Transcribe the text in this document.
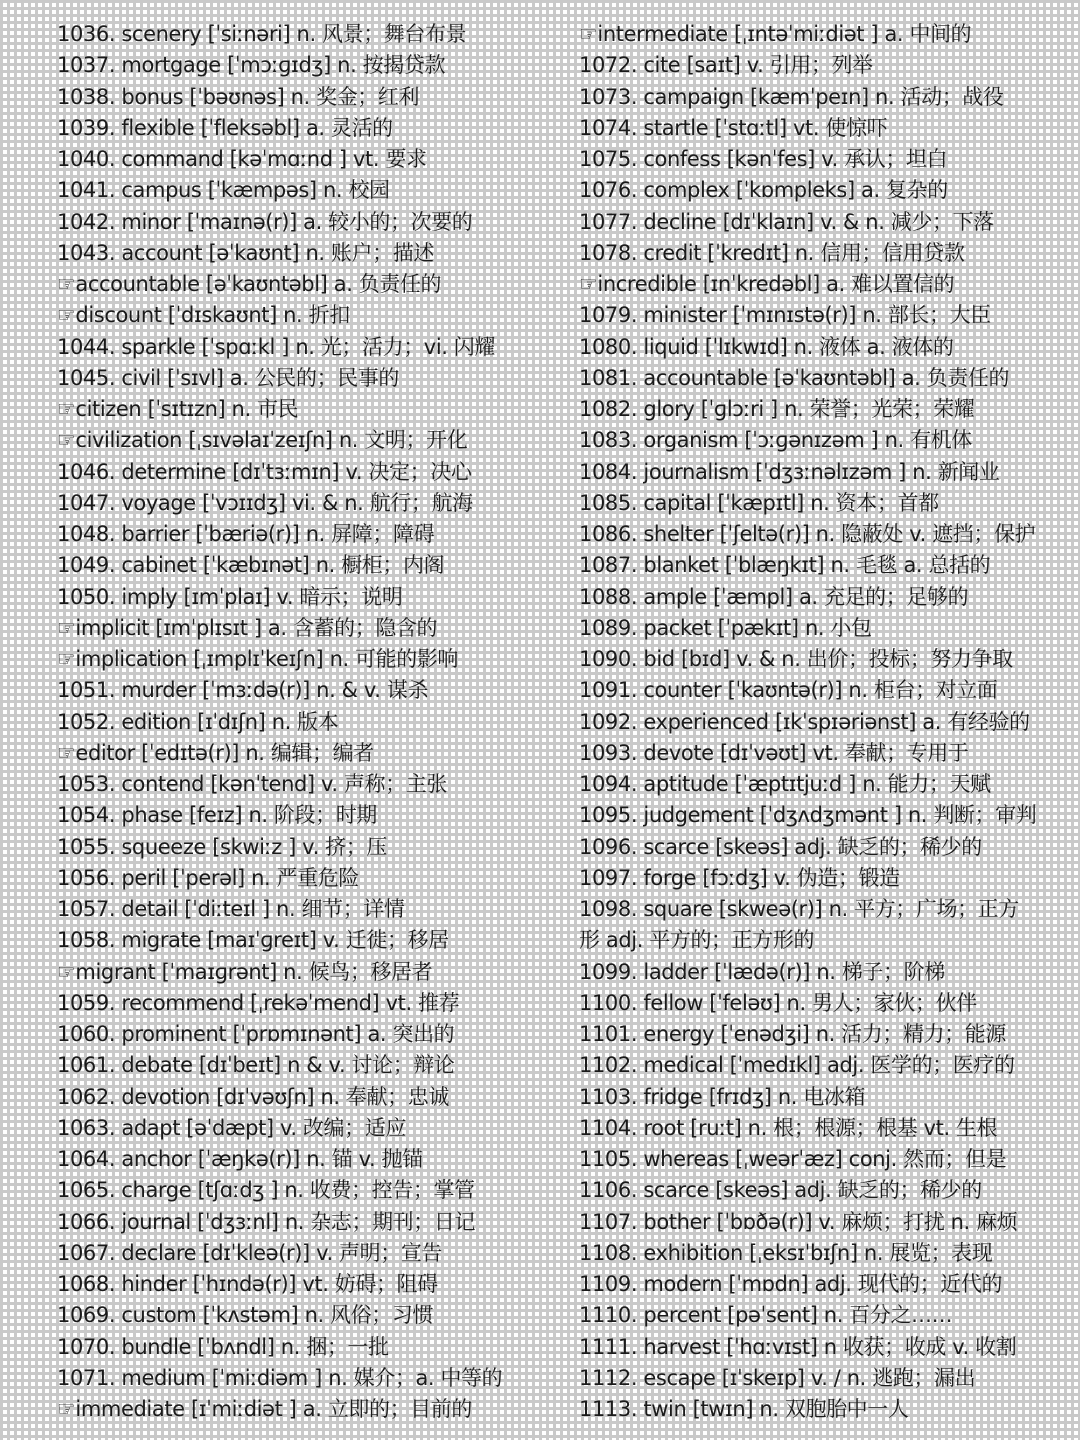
1036. scenery [ˈsiːnəri] n. 风景；舞台布景
1037. mortgage [ˈmɔːɡɪdʒ] n. 按揭贷款
1038. bonus [ˈbəʊnəs] n. 奖金；红利
1039. flexible [ˈfleksəbl] a. 灵活的
1040. command [kəˈmɑːnd ] vt. 要求
1041. campus [ˈkæmpəs] n. 校园
1042. minor [ˈmaɪnə(r)] a. 较小的；次要的
1043. account [əˈkaʊnt] n. 账户；描述
☞accountable [əˈkaʊntəbl] a. 负责任的
☞discount [ˈdɪskaʊnt] n. 折扣
1044. sparkle [ˈspɑːkl ] n. 光；活力；vi. 闪耀
1045. civil [ˈsɪvl] a. 公民的；民事的
☞citizen [ˈsɪtɪzn] n. 市民
☞civilization [ˌsɪvəlaɪˈzeɪʃn] n. 文明；开化
1046. determine [dɪˈtɜːmɪn] v. 决定；决心
1047. voyage [ˈvɔɪɪdʒ] vi. & n. 航行；航海
1048. barrier [ˈbæriə(r)] n. 屏障；障碍
1049. cabinet [ˈkæbɪnət] n. 橱柜；内阁
1050. imply [ɪmˈplaɪ] v. 暗示；说明
☞implicit [ɪmˈplɪsɪt ] a. 含蓄的；隐含的
☞implication [ˌɪmplɪˈkeɪʃn] n. 可能的影响
1051. murder [ˈmɜːdə(r)] n. & v. 谋杀
1052. edition [ɪˈdɪʃn] n. 版本
☞editor [ˈedɪtə(r)] n. 编辑；编者
1053. contend [kənˈtend] v. 声称；主张
1054. phase [feɪz] n. 阶段；时期
1055. squeeze [skwiːz ] v. 挤；压
1056. peril [ˈperəl] n. 严重危险
1057. detail [ˈdiːteɪl ] n. 细节；详情
1058. migrate [maɪˈɡreɪt] v. 迁徙；移居
☞migrant [ˈmaɪɡrənt] n. 候鸟；移居者
1059. recommend [ˌrekəˈmend] vt. 推荐
1060. prominent [ˈprɒmɪnənt] a. 突出的
1061. debate [dɪˈbeɪt] n & v. 讨论；辩论
1062. devotion [dɪˈvəʊʃn] n. 奉献；忠诚
1063. adapt [əˈdæpt] v. 改编；适应
1064. anchor [ˈæŋkə(r)] n. 锚 v. 抛锚
1065. charge [tʃɑːdʒ ] n. 收费；控告；掌管
1066. journal [ˈdʒɜːnl] n. 杂志；期刊；日记
1067. declare [dɪˈkleə(r)] v. 声明；宣告
1068. hinder [ˈhɪndə(r)] vt. 妨碍；阻碍
1069. custom [ˈkʌstəm] n. 风俗；习惯
1070. bundle [ˈbʌndl] n. 捆；一批
1071. medium [ˈmiːdiəm ] n. 媒介；a. 中等的
☞immediate [ɪˈmiːdiət ] a. 立即的；目前的
☞intermediate [ˌɪntəˈmiːdiət ] a. 中间的
1072. cite [saɪt] v. 引用；列举
1073. campaign [kæmˈpeɪn] n. 活动；战役
1074. startle [ˈstɑːtl] vt. 使惊吓
1075. confess [kənˈfes] v. 承认；坦白
1076. complex [ˈkɒmpleks] a. 复杂的
1077. decline [dɪˈklaɪn] v. & n. 减少；下落
1078. credit [ˈkredɪt] n. 信用；信用贷款
☞incredible [ɪnˈkredəbl] a. 难以置信的
1079. minister [ˈmɪnɪstə(r)] n. 部长；大臣
1080. liquid [ˈlɪkwɪd] n. 液体 a. 液体的
1081. accountable [əˈkaʊntəbl] a. 负责任的
1082. glory [ˈɡlɔːri ] n. 荣誉；光荣；荣耀
1083. organism [ˈɔːɡənɪzəm ] n. 有机体
1084. journalism [ˈdʒɜːnəlɪzəm ] n. 新闻业
1085. capital [ˈkæpɪtl] n. 资本；首都
1086. shelter [ˈʃeltə(r)] n. 隐蔽处 v. 遮挡；保护
1087. blanket [ˈblæŋkɪt] n. 毛毯 a. 总括的
1088. ample [ˈæmpl] a. 充足的；足够的
1089. packet [ˈpækɪt] n. 小包
1090. bid [bɪd] v. & n. 出价；投标；努力争取
1091. counter [ˈkaʊntə(r)] n. 柜台；对立面
1092. experienced [ɪkˈspɪəriənst] a. 有经验的
1093. devote [dɪˈvəʊt] vt. 奉献；专用于
1094. aptitude [ˈæptɪtjuːd ] n. 能力；天赋
1095. judgement [ˈdʒʌdʒmənt ] n. 判断；审判
1096. scarce [skeəs] adj. 缺乏的；稀少的
1097. forge [fɔːdʒ] v. 伪造；锻造
1098. square [skweə(r)] n. 平方；广场；正方
形 adj. 平方的；正方形的
1099. ladder [ˈlædə(r)] n. 梯子；阶梯
1100. fellow [ˈfeləʊ] n. 男人；家伙；伙伴
1101. energy [ˈenədʒi] n. 活力；精力；能源
1102. medical [ˈmedɪkl] adj. 医学的；医疗的
1103. fridge [frɪdʒ] n. 电冰箱
1104. root [ruːt] n. 根；根源；根基 vt. 生根
1105. whereas [ˌweərˈæz] conj. 然而；但是
1106. scarce [skeəs] adj. 缺乏的；稀少的
1107. bother [ˈbɒðə(r)] v. 麻烦；打扰 n. 麻烦
1108. exhibition [ˌeksɪˈbɪʃn] n. 展览；表现
1109. modern [ˈmɒdn] adj. 现代的；近代的
1110. percent [pəˈsent] n. 百分之……
1111. harvest [ˈhɑːvɪst] n 收获；收成 v. 收割
1112. escape [ɪˈskeɪp] v. / n. 逃跑；漏出
1113. twin [twɪn] n. 双胞胎中一人
